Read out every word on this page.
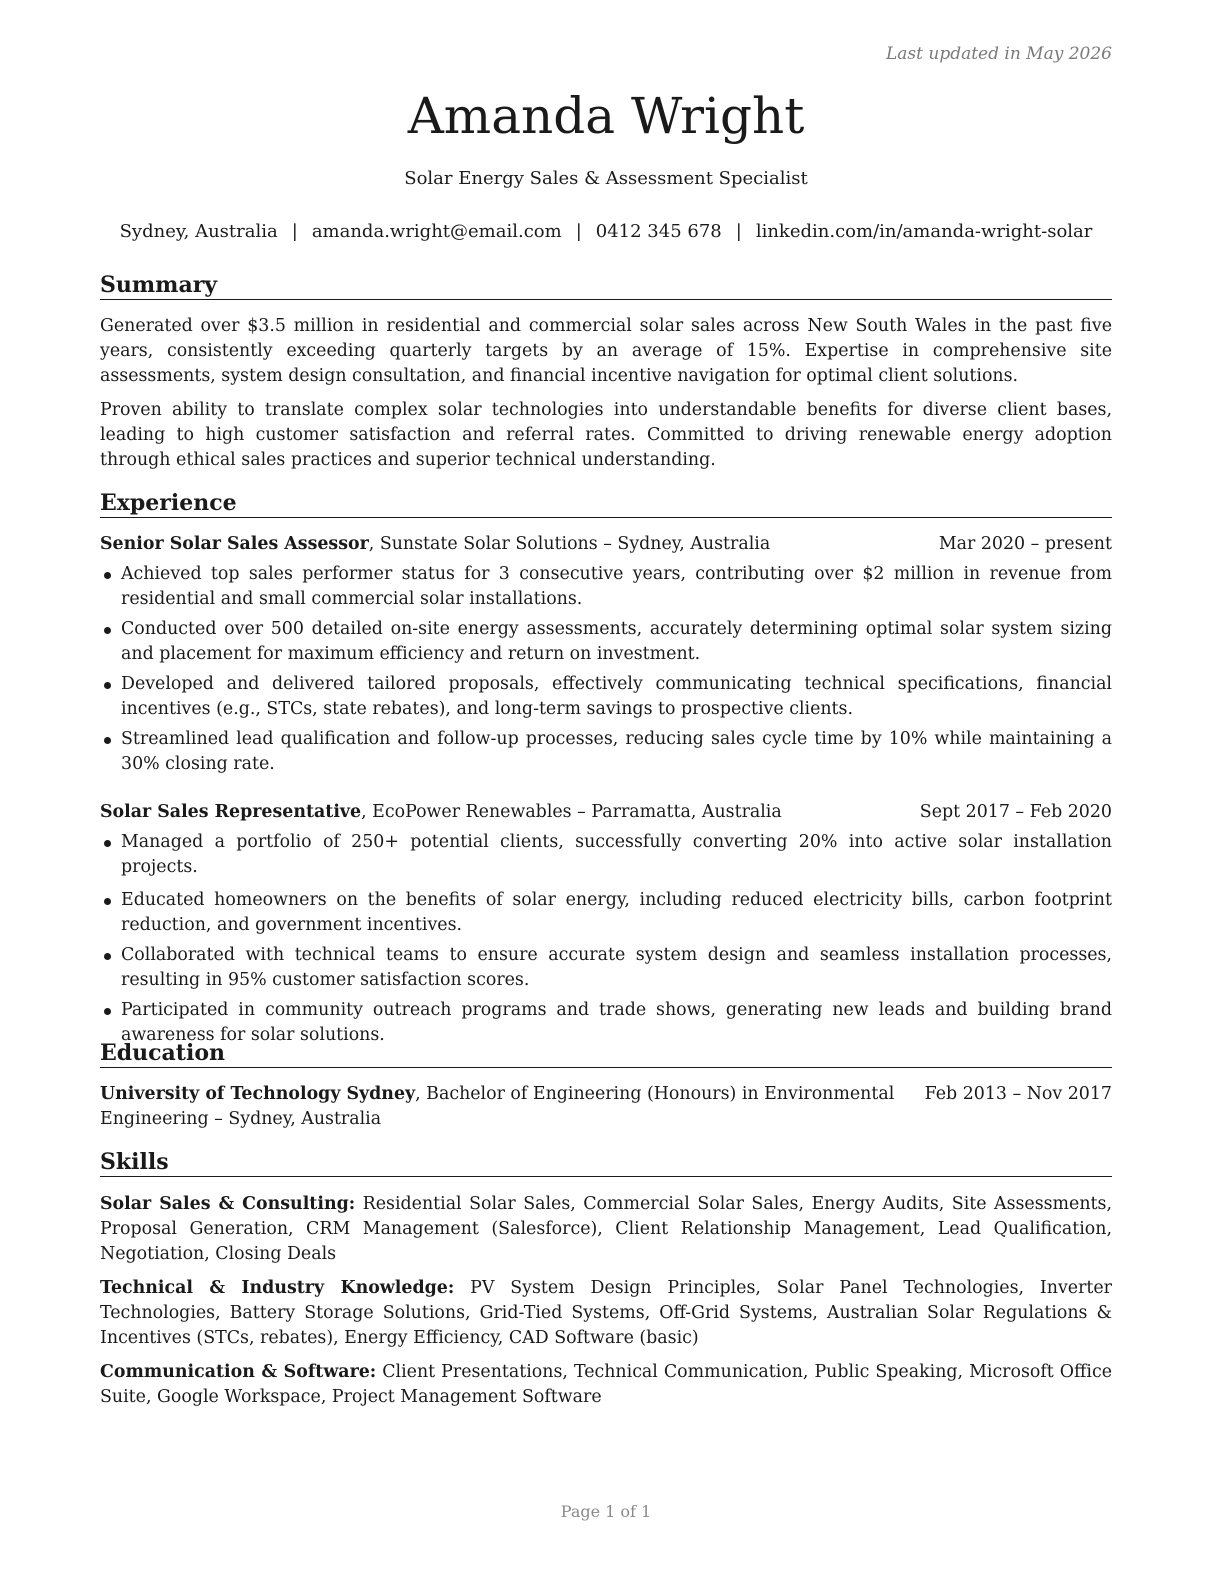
Last updated in May 2026
Amanda Wright
Solar Energy Sales & Assessment Specialist
Sydney, Australia | amanda.wright@email.com | 0412 345 678 | linkedin.com/in/amanda-wright-solar
Summary
Generated over $3.5 million in residential and commercial solar sales across New South Wales in the past five years, consistently exceeding quarterly targets by an average of 15%. Expertise in comprehensive site assessments, system design consultation, and financial incentive navigation for optimal client solutions.
Proven ability to translate complex solar technologies into understandable benefits for diverse client bases, leading to high customer satisfaction and referral rates. Committed to driving renewable energy adoption through ethical sales practices and superior technical understanding.
Experience
Senior Solar Sales Assessor, Sunstate Solar Solutions – Sydney, Australia	Mar 2020 – present
Achieved top sales performer status for 3 consecutive years, contributing over $2 million in revenue from residential and small commercial solar installations.
Conducted over 500 detailed on-site energy assessments, accurately determining optimal solar system sizing and placement for maximum efficiency and return on investment.
Developed and delivered tailored proposals, effectively communicating technical specifications, financial incentives (e.g., STCs, state rebates), and long-term savings to prospective clients.
Streamlined lead qualification and follow-up processes, reducing sales cycle time by 10% while maintaining a 30% closing rate.
Solar Sales Representative, EcoPower Renewables – Parramatta, Australia	Sept 2017 – Feb 2020
Managed a portfolio of 250+ potential clients, successfully converting 20% into active solar installation projects.
Educated homeowners on the benefits of solar energy, including reduced electricity bills, carbon footprint reduction, and government incentives.
Collaborated with technical teams to ensure accurate system design and seamless installation processes, resulting in 95% customer satisfaction scores.
Participated in community outreach programs and trade shows, generating new leads and building brand awareness for solar solutions.
Education
University of Technology Sydney, Bachelor of Engineering (Honours) in Environmental Engineering – Sydney, Australia
Feb 2013 – Nov 2017
Skills
Solar Sales & Consulting: Residential Solar Sales, Commercial Solar Sales, Energy Audits, Site Assessments, Proposal Generation, CRM Management (Salesforce), Client Relationship Management, Lead Qualification, Negotiation, Closing Deals
Technical & Industry Knowledge: PV System Design Principles, Solar Panel Technologies, Inverter Technologies, Battery Storage Solutions, Grid-Tied Systems, Off-Grid Systems, Australian Solar Regulations & Incentives (STCs, rebates), Energy Efficiency, CAD Software (basic)
Communication & Software: Client Presentations, Technical Communication, Public Speaking, Microsoft Office Suite, Google Workspace, Project Management Software
Page 1 of 1
